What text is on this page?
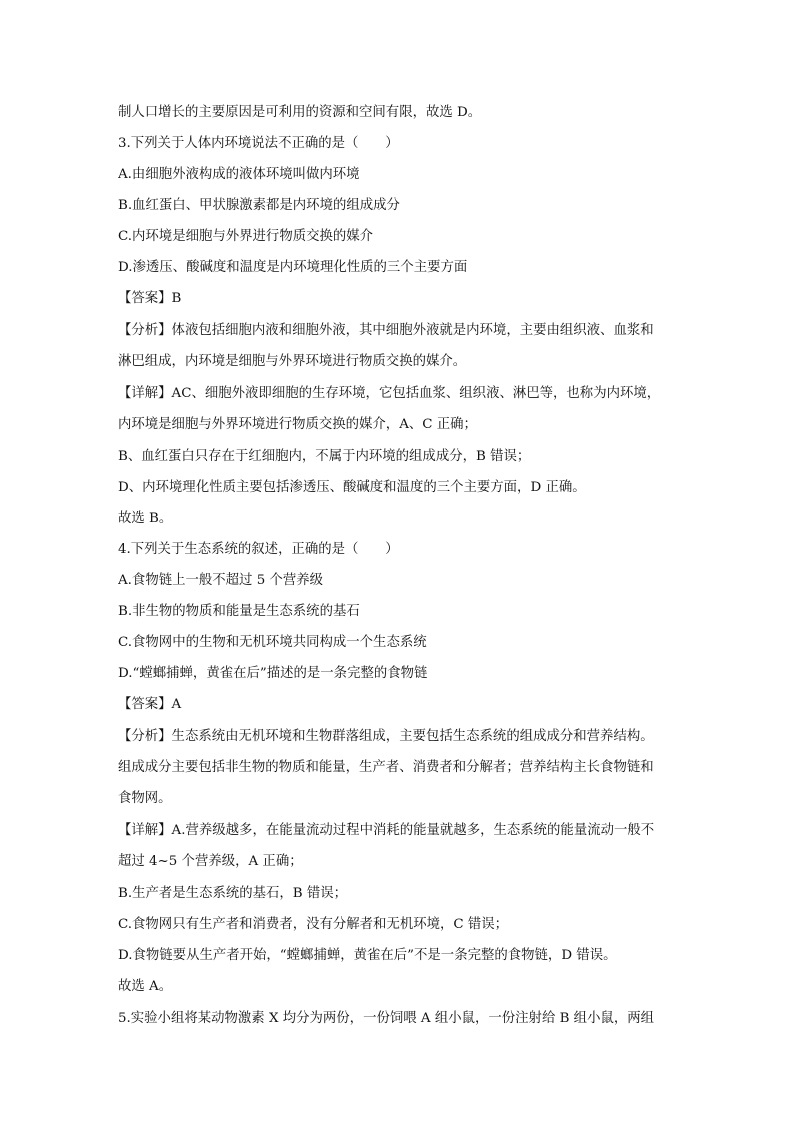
制人口增长的主要原因是可利用的资源和空间有限，故选 D。
3.下列关于人体内环境说法不正确的是（　　）
A.由细胞外液构成的液体环境叫做内环境
B.血红蛋白、甲状腺激素都是内环境的组成成分
C.内环境是细胞与外界进行物质交换的媒介
D.渗透压、酸碱度和温度是内环境理化性质的三个主要方面
【答案】B
【分析】体液包括细胞内液和细胞外液，其中细胞外液就是内环境，主要由组织液、血浆和
淋巴组成，内环境是细胞与外界环境进行物质交换的媒介。
【详解】AC、细胞外液即细胞的生存环境，它包括血浆、组织液、淋巴等，也称为内环境，
内环境是细胞与外界环境进行物质交换的媒介，A、C 正确；
B、血红蛋白只存在于红细胞内，不属于内环境的组成成分，B 错误；
D、内环境理化性质主要包括渗透压、酸碱度和温度的三个主要方面，D 正确。
故选 B。
4.下列关于生态系统的叙述，正确的是（　　）
A.食物链上一般不超过 5 个营养级
B.非生物的物质和能量是生态系统的基石
C.食物网中的生物和无机环境共同构成一个生态系统
D.“螳螂捕蝉，黄雀在后”描述的是一条完整的食物链
【答案】A
【分析】生态系统由无机环境和生物群落组成，主要包括生态系统的组成成分和营养结构。
组成成分主要包括非生物的物质和能量，生产者、消费者和分解者；营养结构主长食物链和
食物网。
【详解】A.营养级越多，在能量流动过程中消耗的能量就越多，生态系统的能量流动一般不
超过 4~5 个营养级，A 正确；
B.生产者是生态系统的基石，B 错误；
C.食物网只有生产者和消费者，没有分解者和无机环境，C 错误；
D.食物链要从生产者开始，“螳螂捕蝉，黄雀在后”不是一条完整的食物链，D 错误。
故选 A。
5.实验小组将某动物激素 X 均分为两份，一份饲喂 A 组小鼠，一份注射给 B 组小鼠，两组
